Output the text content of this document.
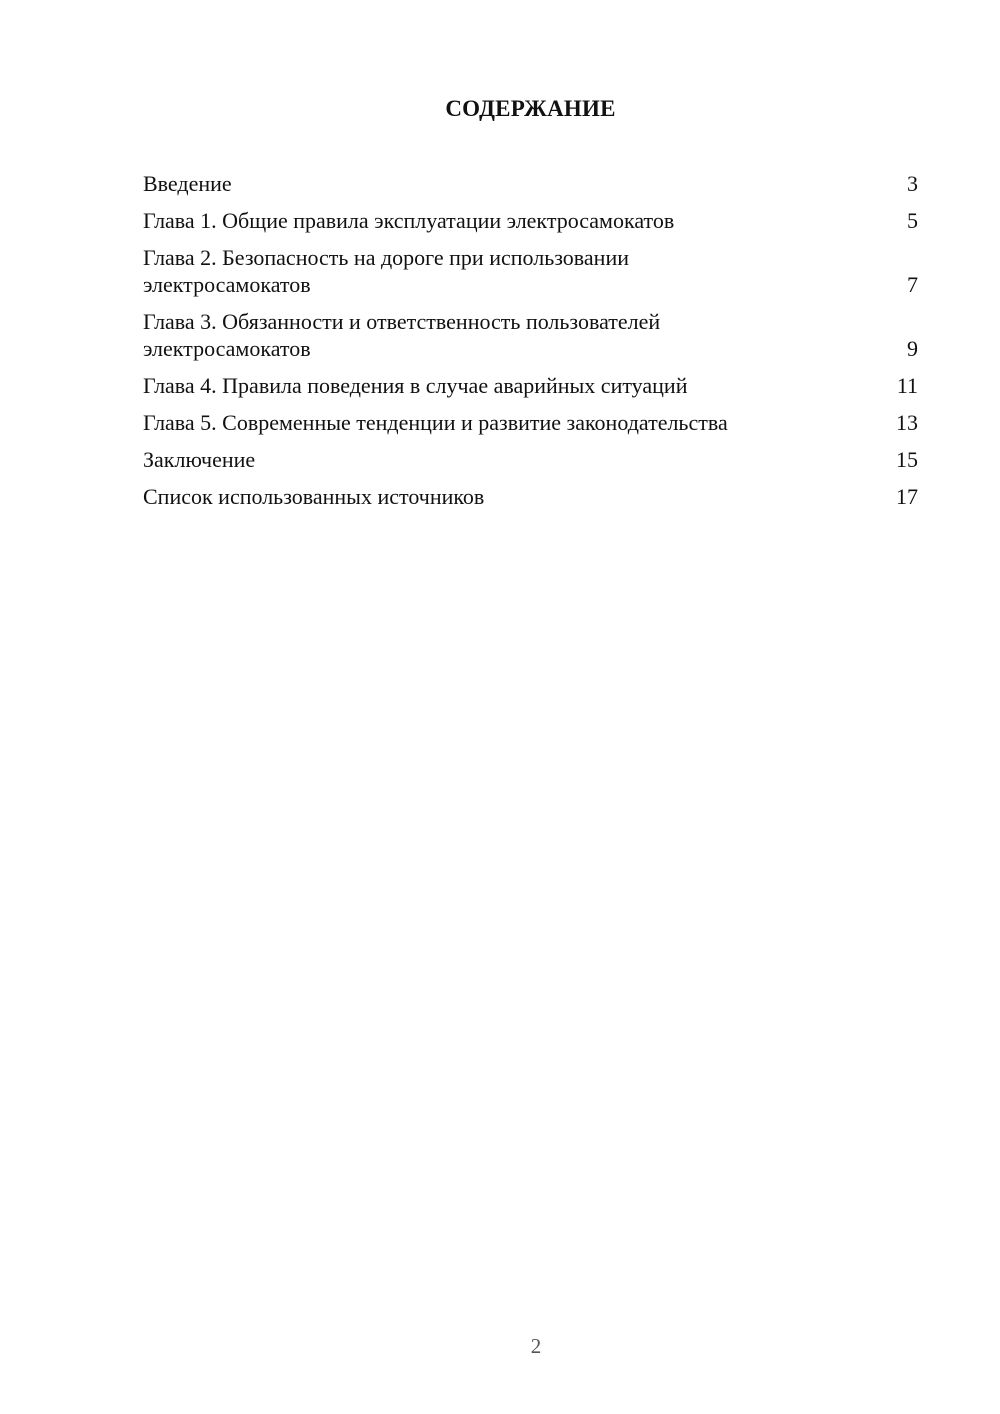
СОДЕРЖАНИЕ
Введение	3
Глава 1. Общие правила эксплуатации электросамокатов	5
Глава 2. Безопасность на дороге при использовании электросамокатов	7
Глава 3. Обязанности и ответственность пользователей электросамокатов	9
Глава 4. Правила поведения в случае аварийных ситуаций	11
Глава 5. Современные тенденции и развитие законодательства	13
Заключение	15
Список использованных источников	17
2
